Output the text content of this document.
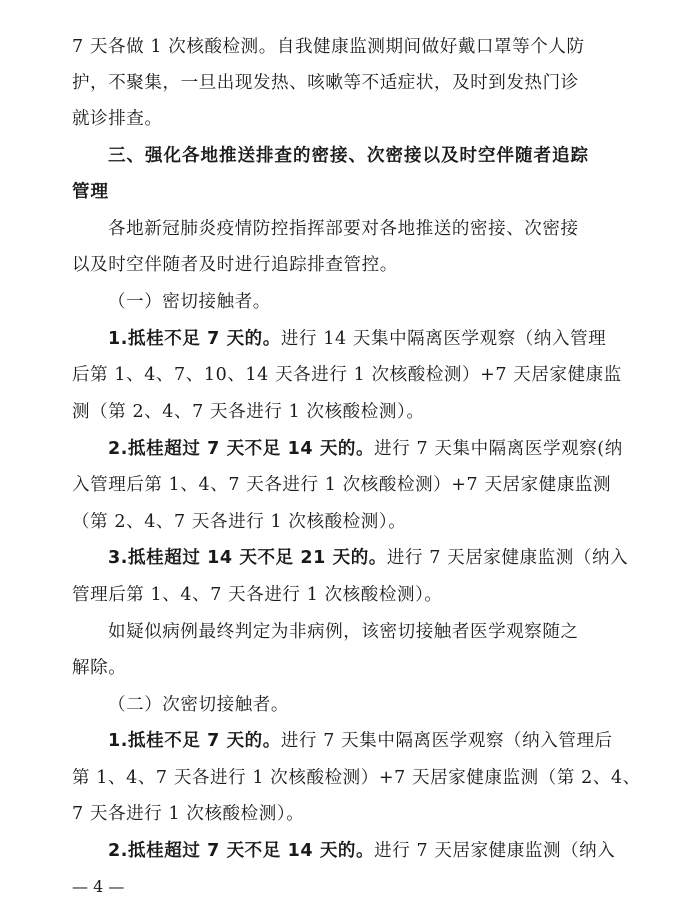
7 天各做 1 次核酸检测。自我健康监测期间做好戴口罩等个人防
护，不聚集，一旦出现发热、咳嗽等不适症状，及时到发热门诊
就诊排查。
三、强化各地推送排查的密接、次密接以及时空伴随者追踪
管理
各地新冠肺炎疫情防控指挥部要对各地推送的密接、次密接
以及时空伴随者及时进行追踪排查管控。
（一）密切接触者。
1.抵桂不足 7 天的。进行 14 天集中隔离医学观察（纳入管理
后第 1、4、7、10、14 天各进行 1 次核酸检测）+7 天居家健康监
测（第 2、4、7 天各进行 1 次核酸检测）。
2.抵桂超过 7 天不足 14 天的。进行 7 天集中隔离医学观察(纳
入管理后第 1、4、7 天各进行 1 次核酸检测）+7 天居家健康监测
（第 2、4、7 天各进行 1 次核酸检测）。
3.抵桂超过 14 天不足 21 天的。进行 7 天居家健康监测（纳入
管理后第 1、4、7 天各进行 1 次核酸检测）。
如疑似病例最终判定为非病例，该密切接触者医学观察随之
解除。
（二）次密切接触者。
1.抵桂不足 7 天的。进行 7 天集中隔离医学观察（纳入管理后
第 1、4、7 天各进行 1 次核酸检测）+7 天居家健康监测（第 2、4、
7 天各进行 1 次核酸检测）。
2.抵桂超过 7 天不足 14 天的。进行 7 天居家健康监测（纳入
— 4 —
